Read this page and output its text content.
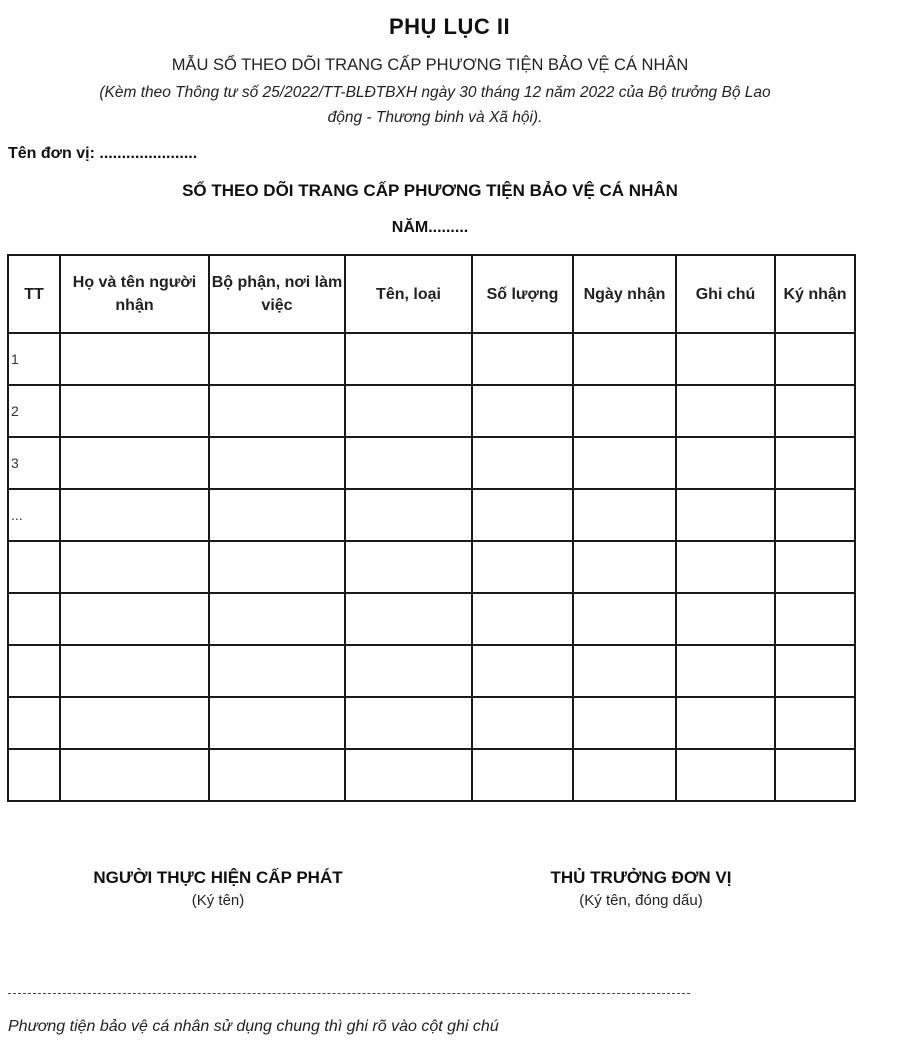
PHỤ LỤC II
MẪU SỔ THEO DÕI TRANG CẤP PHƯƠNG TIỆN BẢO VỆ CÁ NHÂN
(Kèm theo Thông tư số 25/2022/TT-BLĐTBXH ngày 30 tháng 12 năm 2022 của Bộ trưởng Bộ Lao
động - Thương binh và Xã hội).
Tên đơn vị: ......................
SỔ THEO DÕI TRANG CẤP PHƯƠNG TIỆN BẢO VỆ CÁ NHÂN
NĂM.........
TT	Họ và tên người nhận	Bộ phận, nơi làm việc	Tên, loại	Số lượng	Ngày nhận	Ghi chú	Ký nhận
1							
2							
3							
...							

NGƯỜI THỰC HIỆN CẤP PHÁT
(Ký tên)
THỦ TRƯỞNG ĐƠN VỊ
(Ký tên, đóng dấu)
Phương tiện bảo vệ cá nhân sử dụng chung thì ghi rõ vào cột ghi chú
